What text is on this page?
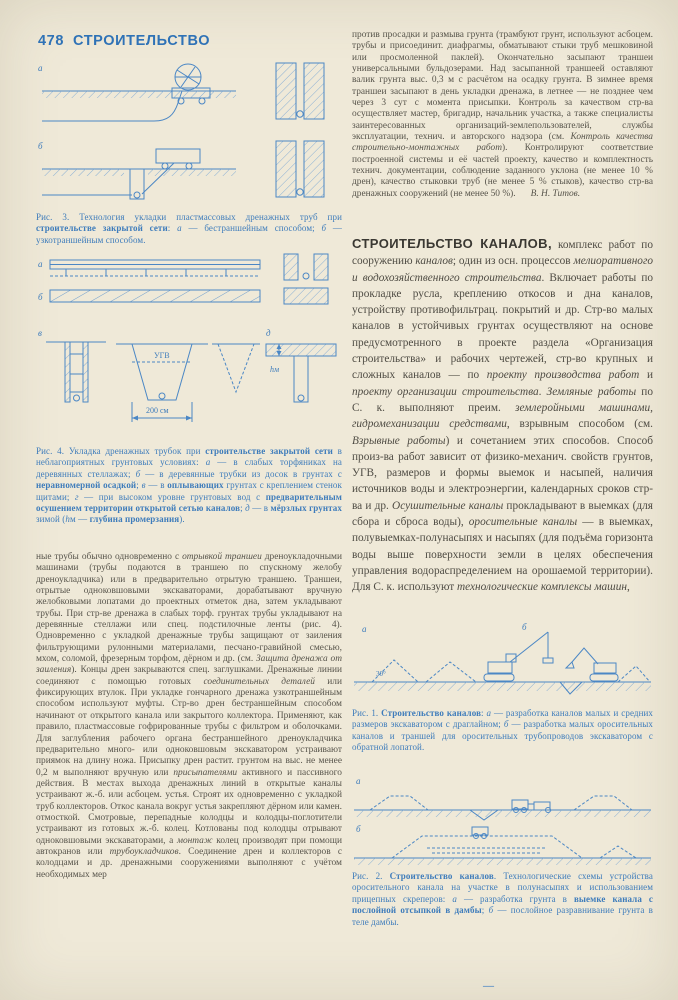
478 СТРОИТЕЛЬСТВО
а
б
Рис. 3. Технология укладки пластмассовых дренажных труб при строительстве закрытой сети: а — бестраншейным способом; б — узкотраншейным способом.
а
б
в
УГВ
200 см
д
hм
Рис. 4. Укладка дренажных трубок при строительстве закрытой сети в неблагоприятных грунтовых условиях: а — в слабых торфяниках на деревянных стеллажах; б — в деревянные трубки из досок в грунтах с неравномерной осадкой; в — в оплывающих грунтах с креплением стенок щитами; г — при высоком уровне грунтовых вод с предварительным осушением территории открытой сетью каналов; д — в мёрзлых грунтах зимой (hм — глубина промерзания).
ные трубы обычно одновременно с отрывкой траншеи дреноукладочными машинами (трубы подаются в траншею по спускному желобу дреноукладчика) или в предварительно отрытую траншею. Траншеи, отрытые одноковшовыми экскаваторами, дорабатывают вручную желобковыми лопатами до проектных отметок дна, затем укладывают трубы. При стр-ве дренажа в слабых торф. грунтах трубы укладывают на деревянные стеллажи или спец. подстилочные ленты (рис. 4). Одновременно с укладкой дренажные трубы защищают от заиления фильтрующими рулонными материалами, песчано-гравийной смесью, мхом, соломой, фрезерным торфом, дёрном и др. (см. Защита дренажа от заиления). Концы дрен закрываются спец. заглушками. Дренажные линии соединяют с помощью готовых соединительных деталей или фиксирующих втулок. При укладке гончарного дренажа узкотраншейным способом используют муфты. Стр-во дрен бестраншейным способом начинают от открытого канала или закрытого коллектора. Применяют, как правило, пластмассовые гофрированные трубы с фильтром и оболочками. Для заглубления рабочего органа бестраншейного дреноукладчика предварительно много- или одноковшовым экскаватором устраивают приямок на длину ножа. Присыпку дрен растит. грунтом на выс. не менее 0,2 м выполняют вручную или присыпателями активного и пассивного действия. В местах выхода дренажных линий в открытые каналы устраивают ж.-б. или асбоцем. устья. Строят их одновременно с укладкой труб коллекторов. Откос канала вокруг устья закрепляют дёрном или камен. отмосткой. Смотровые, перепадные колодцы и колодцы-поглотители устраивают из готовых ж.-б. колец. Котлованы под колодцы отрывают одноковшовыми экскаваторами, а монтаж колец производят при помощи автокранов или трубоукладчиков. Соединение дрен и коллекторов с колодцами и др. дренажными сооружениями выполняют с учётом необходимых мер

против просадки и размыва грунта (трамбуют грунт, используют асбоцем. трубы и присоединит. диафрагмы, обматывают стыки труб мешковиной или просмоленной паклей). Окончательно засыпают траншеи универсальными бульдозерами. Над засыпанной траншеей оставляют валик грунта выс. 0,3 м с расчётом на осадку грунта. В зимнее время траншеи засыпают в день укладки дренажа, в летнее — не позднее чем через 3 сут с момента присыпки. Контроль за качеством стр-ва осуществляет мастер, бригадир, начальник участка, а также специалисты заинтересованных организаций-землепользователей, службы эксплуатации, технич. и авторского надзора (см. Контроль качества строительно-монтажных работ). Контролируют соответствие построенной системы и её частей проекту, качество и комплектность технич. документации, соблюдение заданного уклона (не менее 10 % дрен), качество стыковки труб (не менее 5 % стыков), качество стр-ва дренажных сооружений (не менее 50 %). В. Н. Титов.

СТРОИТЕЛЬСТВО КАНАЛОВ, комплекс работ по сооружению каналов; один из осн. процессов мелиоративного и водохозяйственного строительства. Включает работы по прокладке русла, креплению откосов и дна каналов, устройству противофильтрац. покрытий и др. Стр-во малых каналов в устойчивых грунтах осуществляют на основе предусмотренного в проекте раздела «Организация строительства» и рабочих чертежей, стр-во крупных и сложных каналов — по проекту производства работ и проекту организации строительства. Земляные работы по С. к. выполняют преим. землеройными машинами, гидромеханизации средствами, взрывным способом (см. Взрывные работы) и сочетанием этих способов. Способ произ-ва работ зависит от физико-механич. свойств грунтов, УГВ, размеров и формы выемок и насыпей, наличия источников воды и электроэнергии, календарных сроков стр-ва и др. Осушительные каналы прокладывают в выемках (для сбора и сброса воды), оросительные каналы — в выемках, полувыемках-полунасыпях и насыпях (для подъёма горизонта воды выше поверхности земли в целях обеспечения управления водораспределением на орошаемой территории). Для С. к. используют технологические комплексы машин,

а	б
30°
Рис. 1. Строительство каналов: а — разработка каналов малых и средних размеров экскаватором с драглайном; б — разработка малых оросительных каналов и траншей для оросительных трубопроводов экскаватором с обратной лопатой.
а
б
Рис. 2. Строительство каналов. Технологические схемы устройства оросительного канала на участке в полунасыпях и использованием прицепных скреперов: а — разработка грунта в выемке канала с послойной отсыпкой в дамбы; б — послойное разравнивание грунта в теле дамбы.
—
